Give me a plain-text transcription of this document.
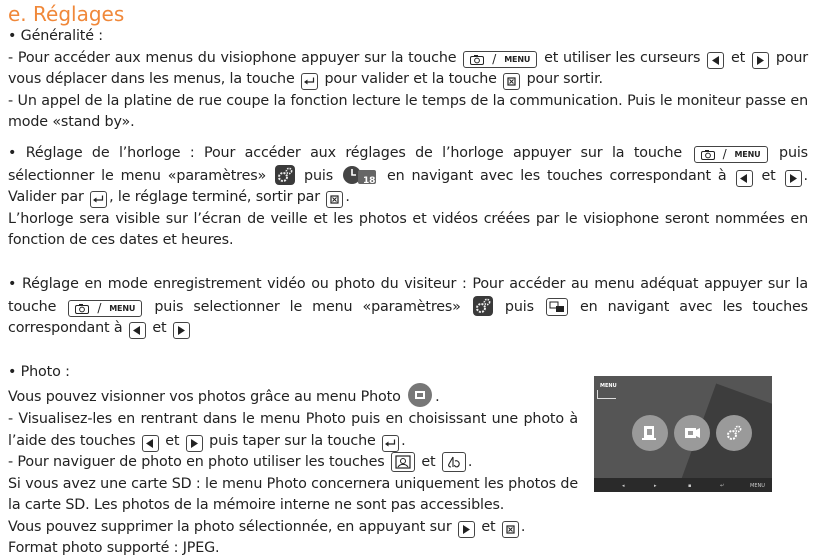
e. Réglages

• Généralité :

- Pour accéder aux menus du visiophone appuyer sur la touche	/ MENU et utiliser les curseurs et pour vous déplacer dans les menus, la touche pour valider et la touche pour sortir.

- Un appel de la platine de rue coupe la fonction lecture le temps de la communication. Puis le moniteur passe en mode «stand by».

• Réglage de l’horloge : Pour accéder aux réglages de l’horloge appuyer sur la touche	/ MENU puis sélectionner le menu «paramètres»	puis	18 en navigant avec les touches correspondant à et . Valider par , le réglage terminé, sortir par .

L’horloge sera visible sur l’écran de veille et les photos et vidéos créées par le visiophone seront nommées en fonction de ces dates et heures.

• Réglage en mode enregistrement vidéo ou photo du visiteur : Pour accéder au menu adéquat appuyer sur la touche	/ MENU puis selectionner le menu «paramètres»	puis	en navigant avec les touches correspondant à et

• Photo :

Vous pouvez visionner vos photos grâce au menu Photo .

- Visualisez-les en rentrant dans le menu Photo puis en choisissant une photo à l’aide des touches et puis taper sur la touche .

- Pour naviguer de photo en photo utiliser les touches	et .

Si vous avez une carte SD : le menu Photo concernera uniquement les photos de la carte SD. Les photos de la mémoire interne ne sont pas accessibles.

Vous pouvez supprimer la photo sélectionnée, en appuyant sur et .

Format photo supporté : JPEG.

MENU
◂	▸	▪	↵	MENU
